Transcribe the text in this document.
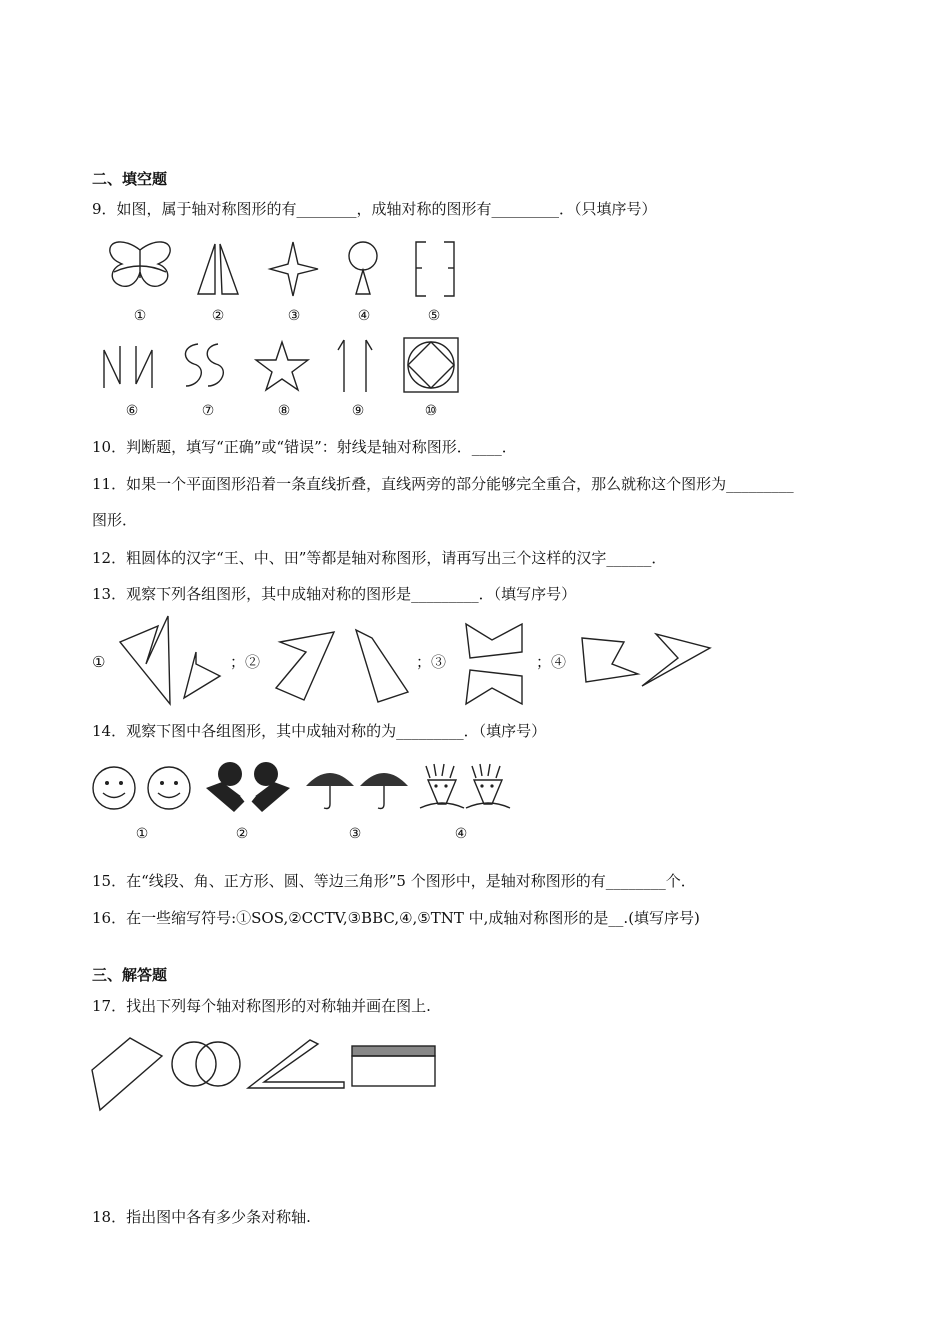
二、填空题
9．如图，属于轴对称图形的有________，成轴对称的图形有_________．（只填序号）
①	②	③	④	⑤
⑥	⑦	⑧	⑨	⑩
10．判断题，填写“正确”或“错误”：射线是轴对称图形．____．
11．如果一个平面图形沿着一条直线折叠，直线两旁的部分能够完全重合，那么就称这个图形为_________
图形．
12．粗圆体的汉字“王、中、田”等都是轴对称图形，请再写出三个这样的汉字______．
13．观察下列各组图形，其中成轴对称的图形是_________．（填写序号）
①	；②	；③	；④
14．观察下图中各组图形，其中成轴对称的为_________．（填序号）
①	②	③	④
15．在“线段、角、正方形、圆、等边三角形”5 个图形中，是轴对称图形的有________个．
16．在一些缩写符号:①SOS,②CCTV,③BBC,④,⑤TNT 中,成轴对称图形的是__.(填写序号)
三、解答题
17．找出下列每个轴对称图形的对称轴并画在图上.
18．指出图中各有多少条对称轴.
